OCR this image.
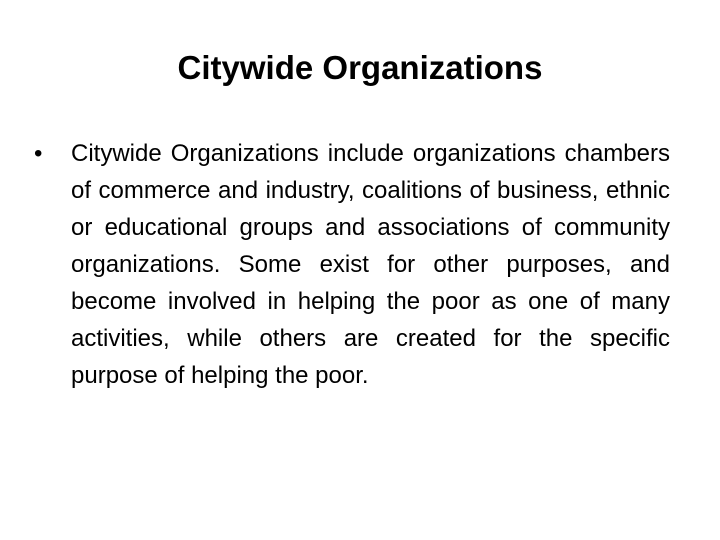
Citywide Organizations
•	Citywide Organizations include organizations chambers of commerce and industry, coalitions of business, ethnic or educational groups and associations of community organizations. Some exist for other purposes, and become involved in helping the poor as one of many activities, while others are created for the specific purpose of helping the poor.
